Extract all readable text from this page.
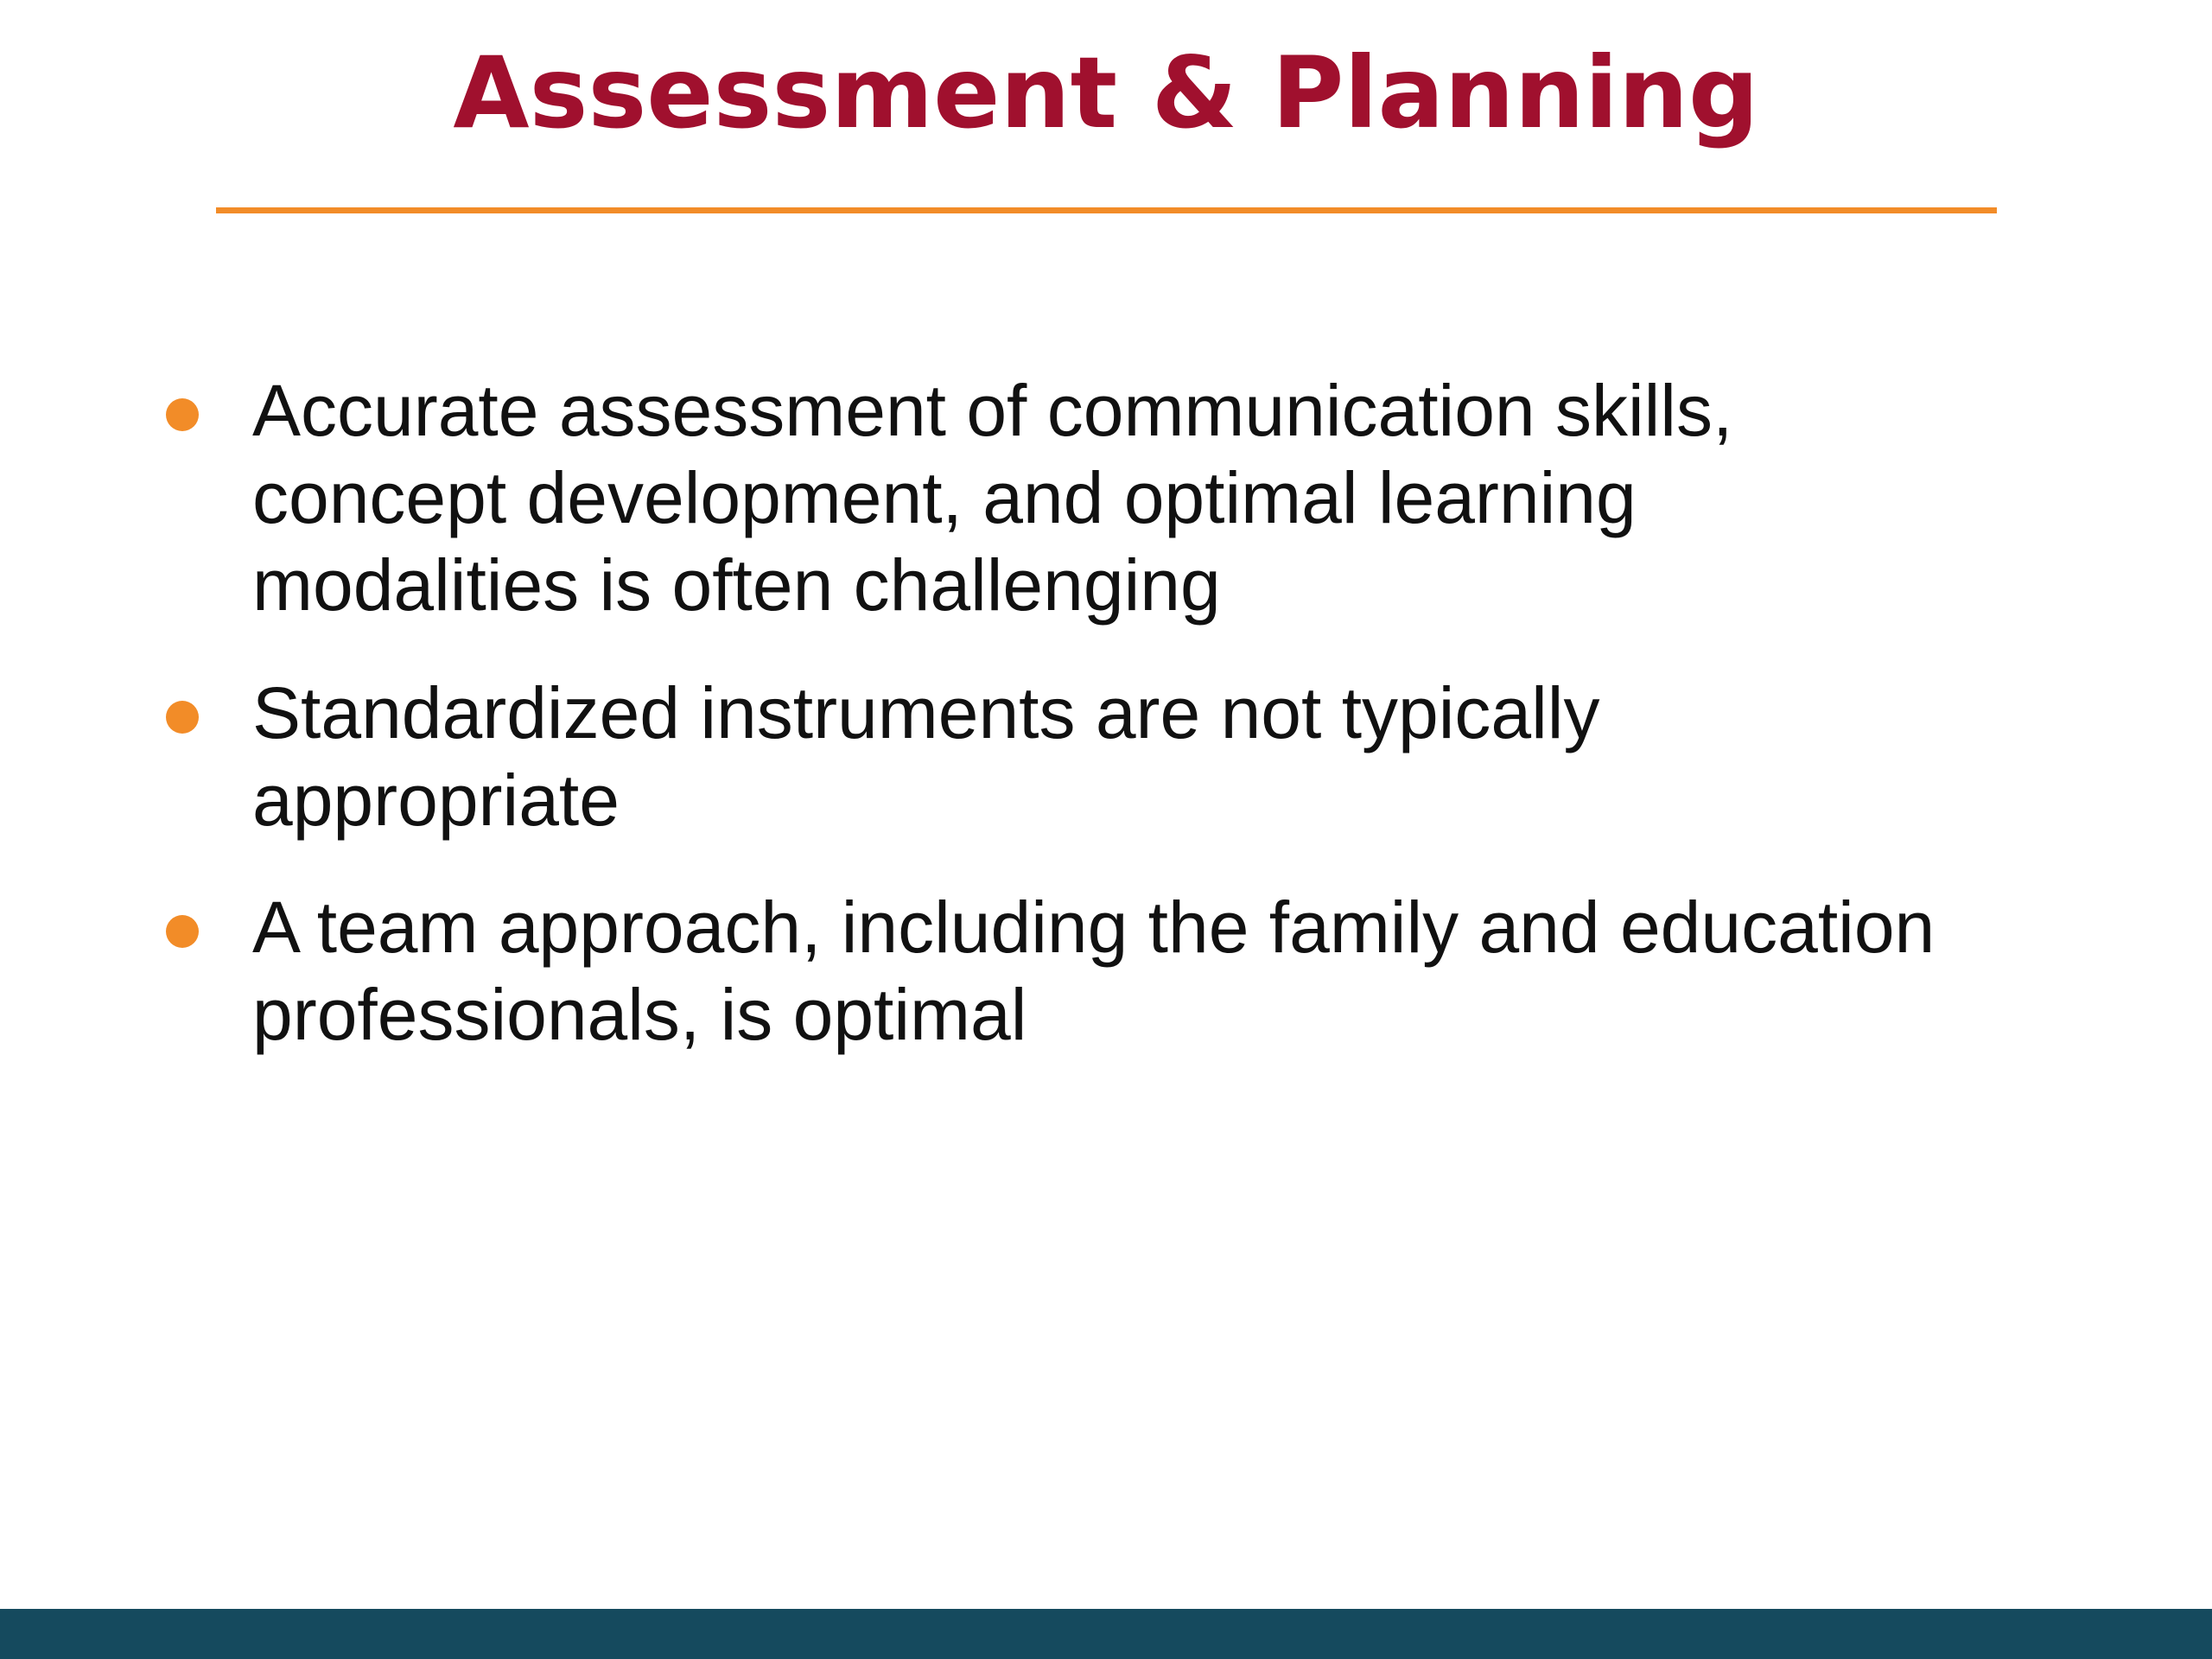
Assessment & Planning
Accurate assessment of communication skills,
concept development, and optimal learning
modalities is often challenging
Standardized instruments are not typically
appropriate
A team approach, including the family and education
professionals, is optimal
